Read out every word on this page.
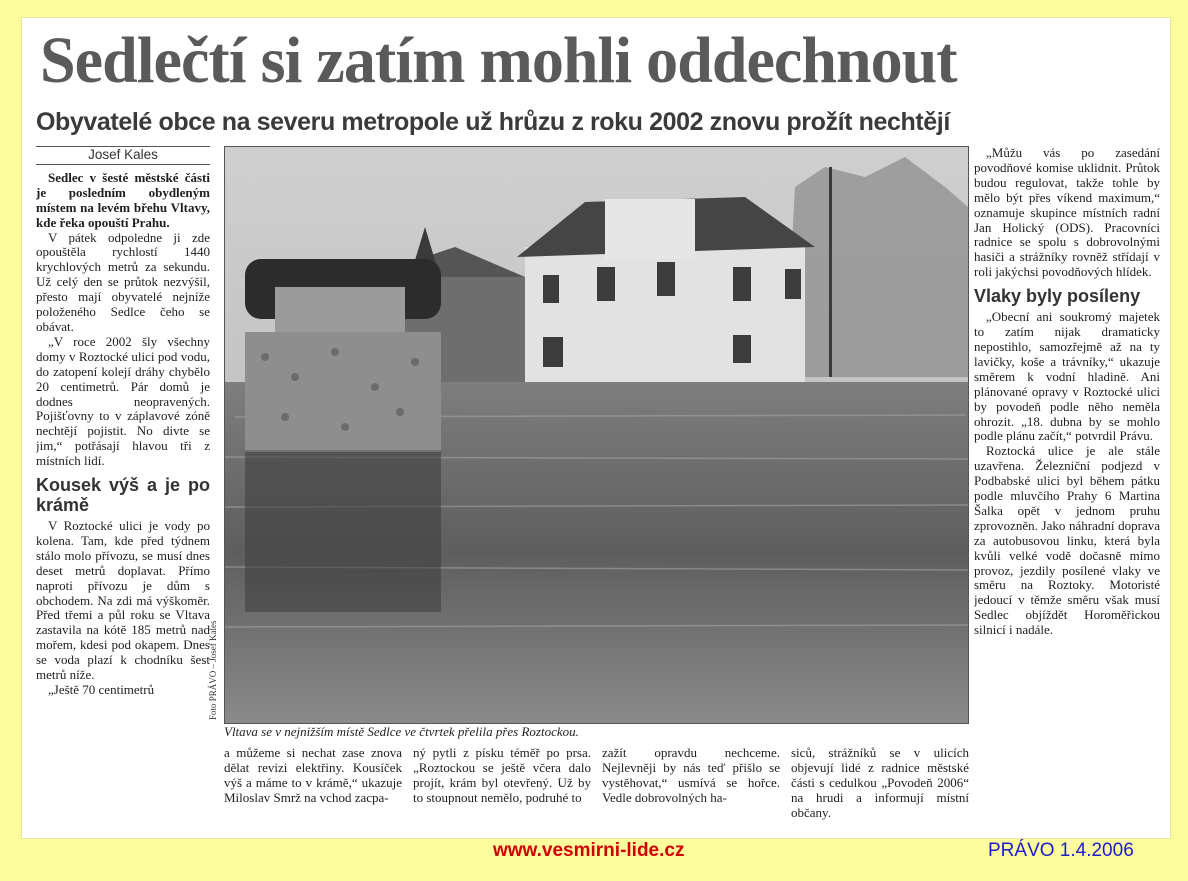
Sedlečtí si zatím mohli oddechnout
Obyvatelé obce na severu metropole už hrůzu z roku 2002 znovu prožít nechtějí
Josef Kales

Sedlec v šesté městské části je posledním obydleným místem na levém břehu Vltavy, kde řeka opouští Prahu.

V pátek odpoledne ji zde opouštěla rychlostí 1440 krychlových metrů za sekundu. Už celý den se průtok nezvýšil, přesto mají obyvatelé nejníže položeného Sedlce čeho se obávat.

„V roce 2002 šly všechny domy v Roztocké ulici pod vodu, do zatopení kolejí dráhy chybělo 20 centimetrů. Pár domů je dodnes neopravených. Pojišťovny to v záplavové zóně nechtějí pojistit. No divte se jim,“ potřásají hlavou tři z místních lidí.

Kousek výš a je po krámě

V Roztocké ulici je vody po kolena. Tam, kde před týdnem stálo molo přívozu, se musí dnes deset metrů doplavat. Přímo naproti přívozu je dům s obchodem. Na zdi má výškoměr. Před třemi a půl roku se Vltava zastavila na kótě 185 metrů nad mořem, kdesi pod okapem. Dnes se voda plazí k chodníku šest metrů níže.

„Ještě 70 centimetrů	Foto PRÁVO – Josef Kales
Vltava se v nejnižším místě Sedlce ve čtvrtek přelila přes Roztockou.

a můžeme si nechat zase znova dělat revizi elektřiny. Kousíček výš a máme to v krámě,“ ukazuje Miloslav Smrž na vchod zacpa-

ný pytli z písku téměř po prsa. „Roztockou se ještě včera dalo projít, krám byl otevřený. Už by to stoupnout nemělo, podruhé to

zažít opravdu nechceme. Nejlevněji by nás teď přišlo se vystěhovat,“ usmívá se hořce. Vedle dobrovolných ha-

siců, strážníků se v ulicích objevují lidé z radnice městské části s cedulkou „Povodeň 2006“ na hrudi a informují místní občany.

„Můžu vás po zasedání povodňové komise uklidnit. Průtok budou regulovat, takže tohle by mělo být přes víkend maximum,“ oznamuje skupince místních radní Jan Holický (ODS). Pracovníci radnice se spolu s dobrovolnými hasiči a strážníky rovněž střídají v roli jakýchsi povodňových hlídek.

Vlaky byly posíleny

„Obecní ani soukromý majetek to zatím nijak dramaticky nepostihlo, samozřejmě až na ty lavičky, koše a trávníky,“ ukazuje směrem k vodní hladině. Ani plánované opravy v Roztocké ulici by povodeň podle něho neměla ohrozit. „18. dubna by se mohlo podle plánu začít,“ potvrdil Právu.

Roztocká ulice je ale stále uzavřena. Železniční podjezd v Podbabské ulici byl během pátku podle mluvčího Prahy 6 Martina Šalka opět v jednom pruhu zprovozněn. Jako náhradní doprava za autobusovou linku, která byla kvůli velké vodě dočasně mimo provoz, jezdily posílené vlaky ve směru na Roztoky. Motoristé jedoucí v těmže směru však musí Sedlec objíždět Horoměřickou silnicí i nadále.

www.vesmirni-lide.cz	PRÁVO 1.4.2006
